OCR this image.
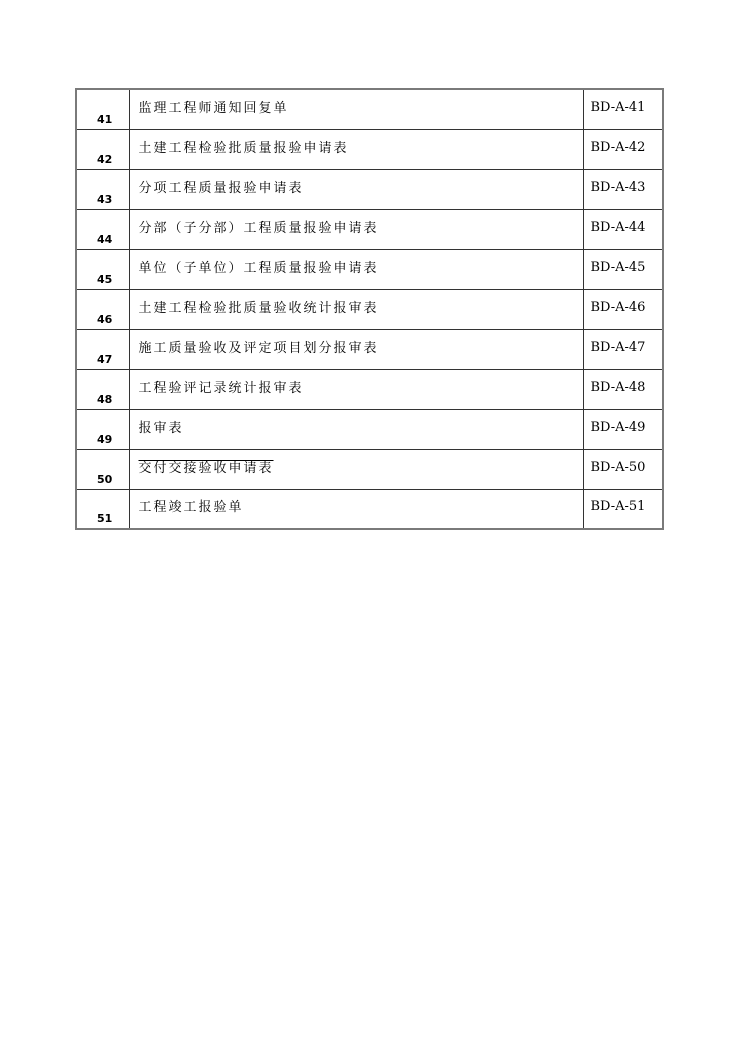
41	监理工程师通知回复单	BD-A-41
42	土建工程检验批质量报验申请表	BD-A-42
43	分项工程质量报验申请表	BD-A-43
44	分部（子分部）工程质量报验申请表	BD-A-44
45	单位（子单位）工程质量报验申请表	BD-A-45
46	土建工程检验批质量验收统计报审表	BD-A-46
47	施工质量验收及评定项目划分报审表	BD-A-47
48	工程验评记录统计报审表	BD-A-48
49	报审表	BD-A-49
50	交付交接验收申请表	BD-A-50
51	工程竣工报验单	BD-A-51
